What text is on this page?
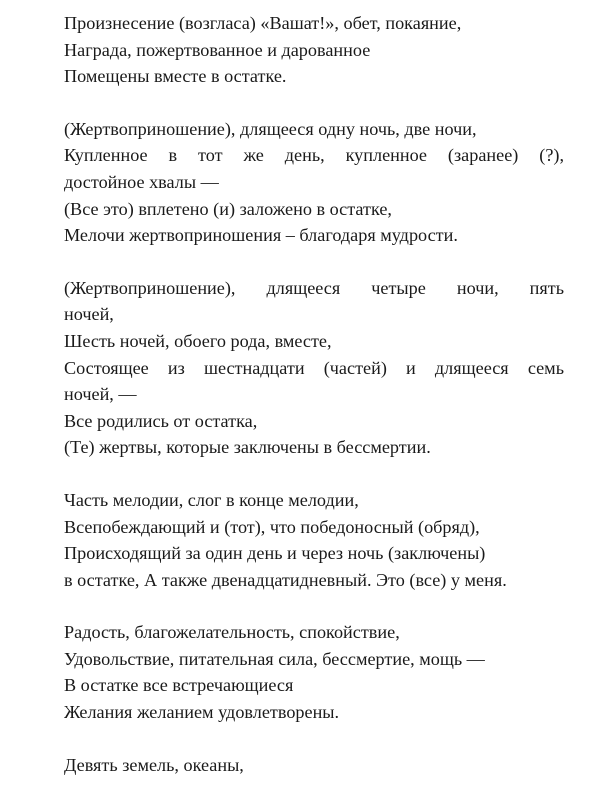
Произнесение (возгласа) «Вашат!», обет, покаяние,
Награда, пожертвованное и дарованное
Помещены вместе в остатке.
(Жертвоприношение), длящееся одну ночь, две ночи,
Купленное в тот же день, купленное (заранее) (?),
достойное хвалы —
(Все это) вплетено (и) заложено в остатке,
Мелочи жертвоприношения – благодаря мудрости.
(Жертвоприношение), длящееся четыре ночи, пять
ночей,
Шесть ночей, обоего рода, вместе,
Состоящее из шестнадцати (частей) и длящееся семь
ночей, —
Все родились от остатка,
(Те) жертвы, которые заключены в бессмертии.
Часть мелодии, слог в конце мелодии,
Всепобеждающий и (тот), что победоносный (обряд),
Происходящий за один день и через ночь (заключены)
в остатке, А также двенадцатидневный. Это (все) у меня.
Радость, благожелательность, спокойствие,
Удовольствие, питательная сила, бессмертие, мощь —
В остатке все встречающиеся
Желания желанием удовлетворены.
Девять земель, океаны,
